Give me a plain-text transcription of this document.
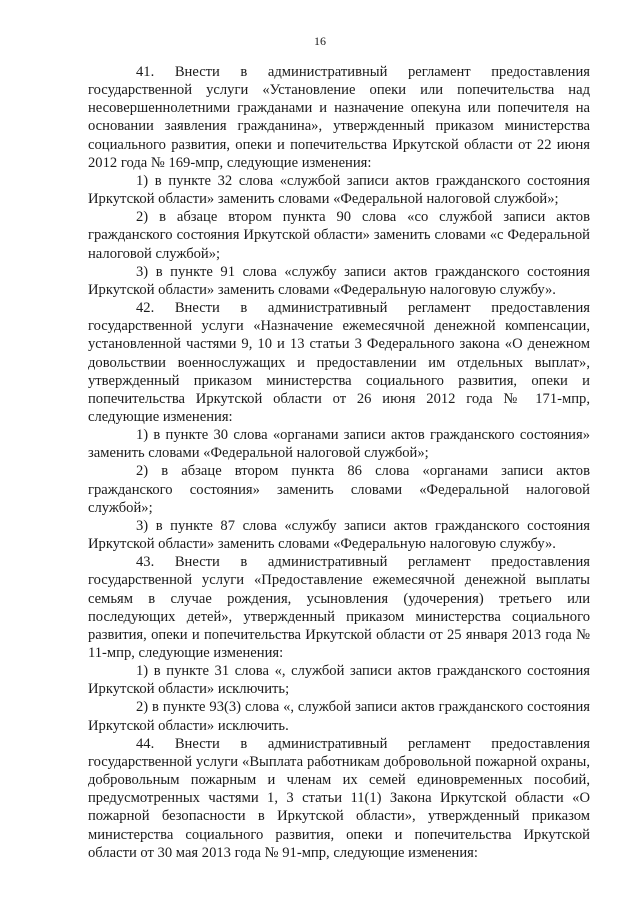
16

41. Внести в административный регламент предоставления государственной услуги «Установление опеки или попечительства над несовершеннолетними гражданами и назначение опекуна или попечителя на основании заявления гражданина», утвержденный приказом министерства социального развития, опеки и попечительства Иркутской области от 22 июня 2012 года № 169-мпр, следующие изменения:

1) в пункте 32 слова «службой записи актов гражданского состояния Иркутской области» заменить словами «Федеральной налоговой службой»;

2) в абзаце втором пункта 90 слова «со службой записи актов гражданского состояния Иркутской области» заменить словами «с Федеральной налоговой службой»;

3) в пункте 91 слова «службу записи актов гражданского состояния Иркутской области» заменить словами «Федеральную налоговую службу».

42. Внести в административный регламент предоставления государственной услуги «Назначение ежемесячной денежной компенсации, установленной частями 9, 10 и 13 статьи 3 Федерального закона «О денежном довольствии военнослужащих и предоставлении им отдельных выплат», утвержденный приказом министерства социального развития, опеки и попечительства Иркутской области от 26 июня 2012 года № 171-мпр, следующие изменения:

1) в пункте 30 слова «органами записи актов гражданского состояния» заменить словами «Федеральной налоговой службой»;

2) в абзаце втором пункта 86 слова «органами записи актов гражданского состояния» заменить словами «Федеральной налоговой службой»;

3) в пункте 87 слова «службу записи актов гражданского состояния Иркутской области» заменить словами «Федеральную налоговую службу».

43. Внести в административный регламент предоставления государственной услуги «Предоставление ежемесячной денежной выплаты семьям в случае рождения, усыновления (удочерения) третьего или последующих детей», утвержденный приказом министерства социального развития, опеки и попечительства Иркутской области от 25 января 2013 года № 11-мпр, следующие изменения:

1) в пункте 31 слова «, службой записи актов гражданского состояния Иркутской области» исключить;

2) в пункте 93(3) слова «, службой записи актов гражданского состояния Иркутской области» исключить.

44. Внести в административный регламент предоставления государственной услуги «Выплата работникам добровольной пожарной охраны, добровольным пожарным и членам их семей единовременных пособий, предусмотренных частями 1, 3 статьи 11(1) Закона Иркутской области «О пожарной безопасности в Иркутской области», утвержденный приказом министерства социального развития, опеки и попечительства Иркутской области от 30 мая 2013 года № 91-мпр, следующие изменения:
